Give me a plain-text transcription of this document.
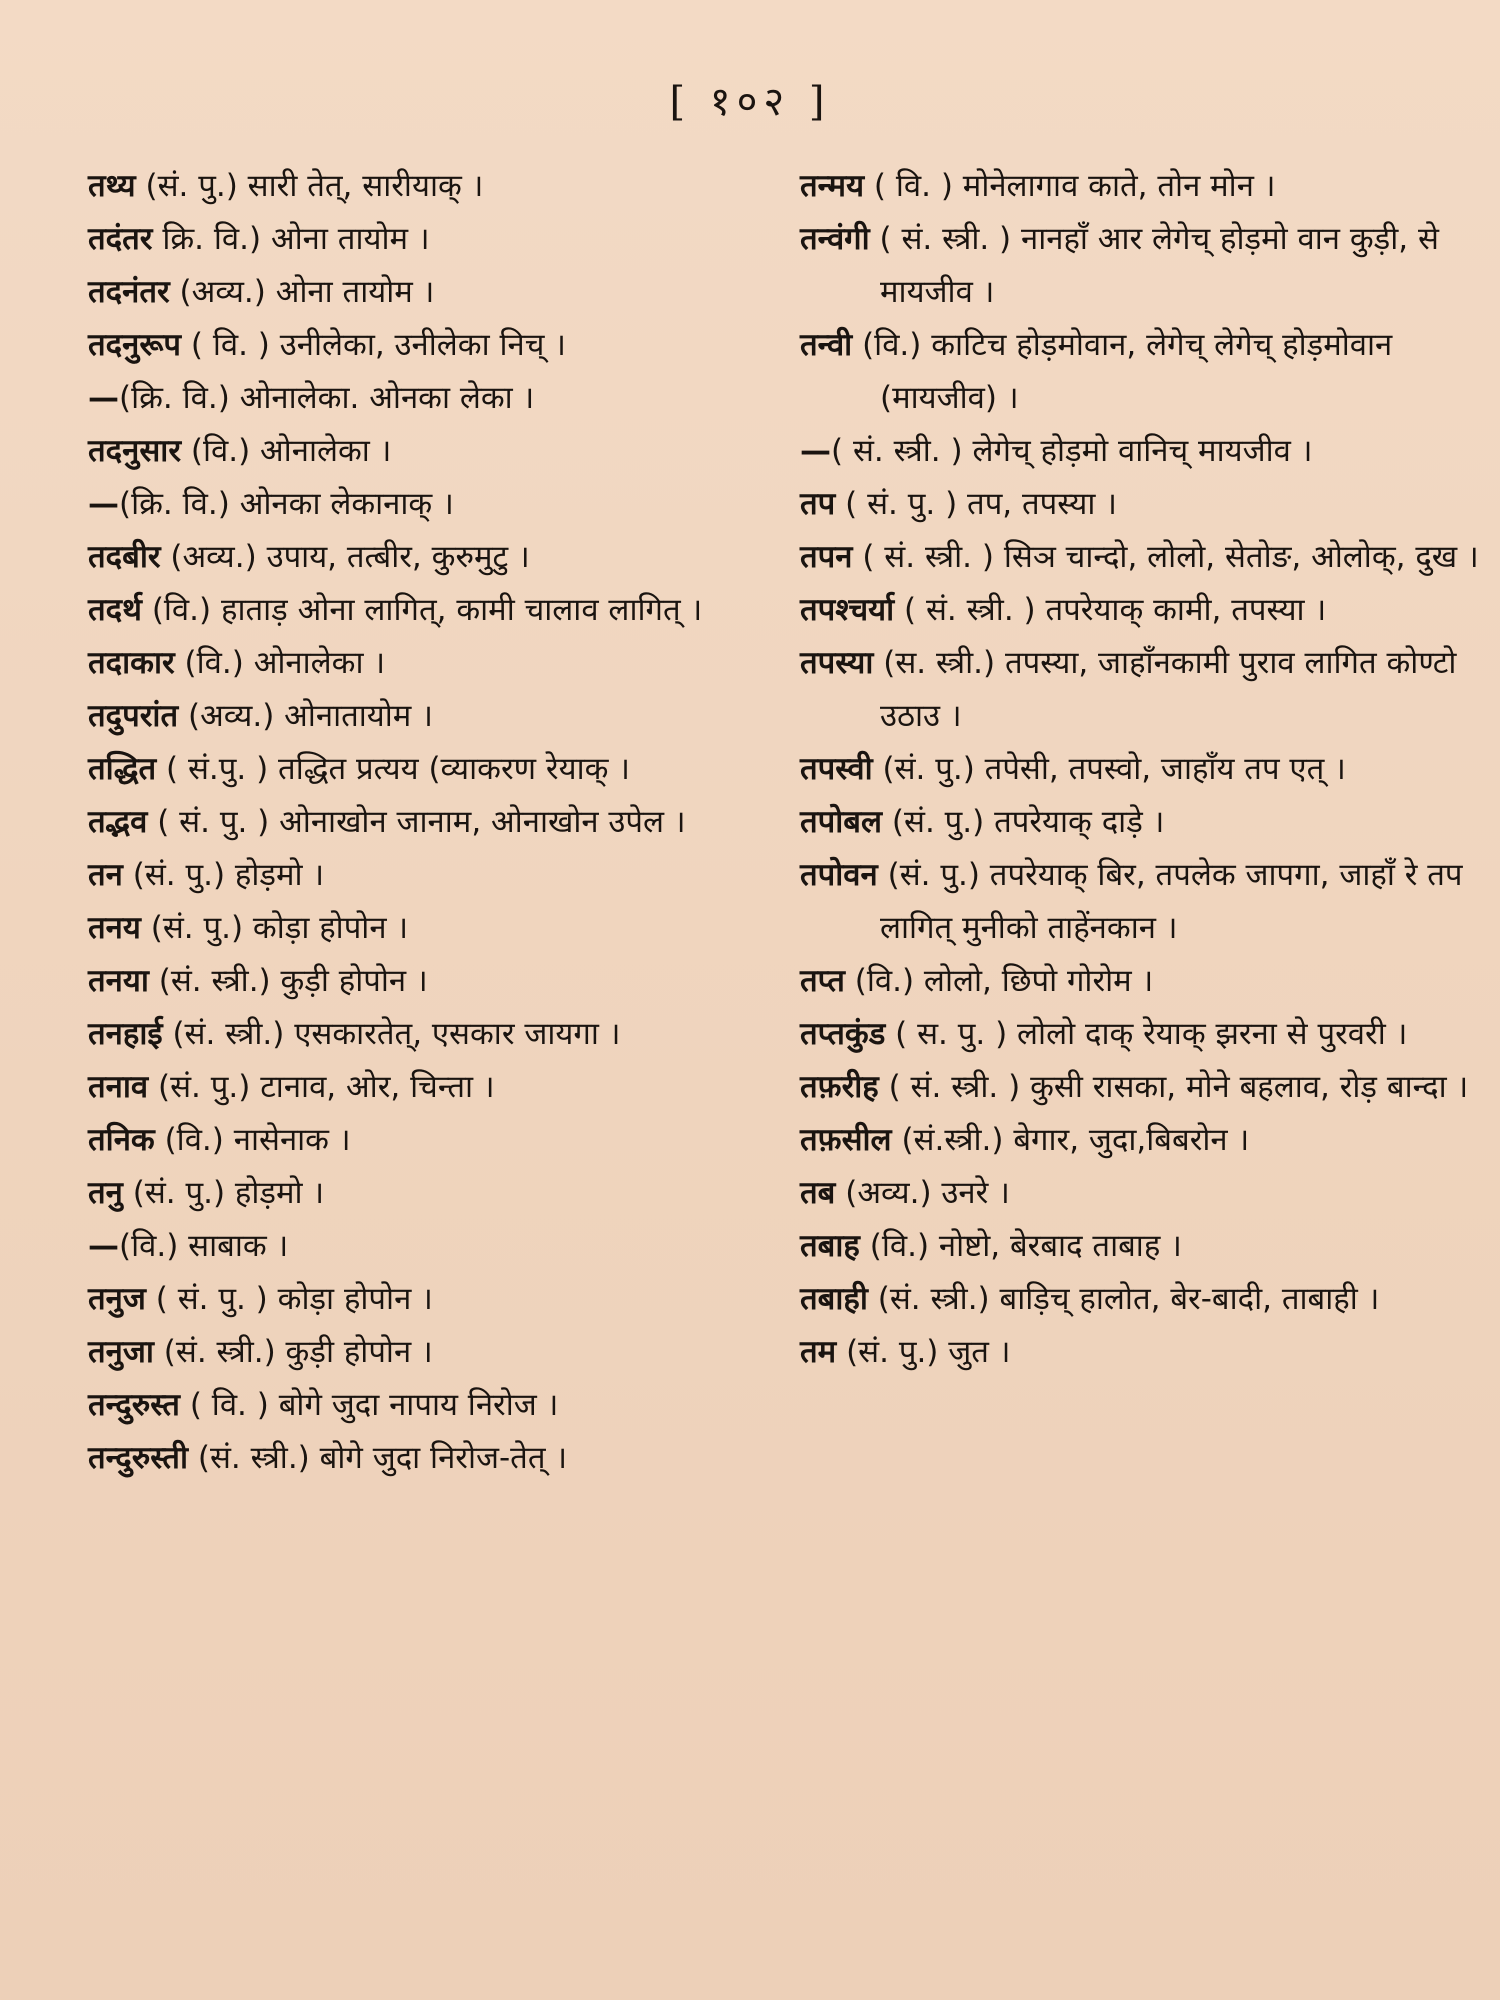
[ १०२ ]
तथ्य (सं. पु.) सारी तेत्, सारीयाक् ।
तदंतर क्रि. वि.) ओना तायोम ।
तदनंतर (अव्य.) ओना तायोम ।
तदनुरूप ( वि. ) उनीलेका, उनीलेका निच् ।
—(क्रि. वि.) ओनालेका. ओनका लेका ।
तदनुसार (वि.) ओनालेका ।
—(क्रि. वि.) ओनका लेकानाक् ।
तदबीर (अव्य.) उपाय, तत्बीर, कुरुमुटु ।
तदर्थ (वि.) हाताड़ ओना लागित्, कामी चालाव लागित् ।
तदाकार (वि.) ओनालेका ।
तदुपरांत (अव्य.) ओनातायोम ।
तद्धित ( सं.पु. ) तद्धित प्रत्यय (व्याकरण रेयाक् ।
तद्भव ( सं. पु. ) ओनाखोन जानाम, ओनाखोन उपेल ।
तन (सं. पु.) होड़मो ।
तनय (सं. पु.) कोड़ा होपोन ।
तनया (सं. स्त्री.) कुड़ी होपोन ।
तनहाई (सं. स्त्री.) एसकारतेत्, एसकार जायगा ।
तनाव (सं. पु.) टानाव, ओर, चिन्ता ।
तनिक (वि.) नासेनाक ।
तनु (सं. पु.) होड़मो ।
—(वि.) साबाक ।
तनुज ( सं. पु. ) कोड़ा होपोन ।
तनुजा (सं. स्त्री.) कुड़ी होपोन ।
तन्दुरुस्त ( वि. ) बोगे जुदा नापाय निरोज ।
तन्दुरुस्ती (सं. स्त्री.) बोगे जुदा निरोज-तेत् ।
तन्मय ( वि. ) मोनेलागाव काते, तोन मोन ।
तन्वंगी ( सं. स्त्री. ) नानहाँ आर लेगेच् होड़मो वान कुड़ी, से मायजीव ।
तन्वी (वि.) काटिच होड़मोवान, लेगेच् लेगेच् होड़मोवान (मायजीव) ।
—( सं. स्त्री. ) लेगेच् होड़मो वानिच् मायजीव ।
तप ( सं. पु. ) तप, तपस्या ।
तपन ( सं. स्त्री. ) सिञ चान्दो, लोलो, सेतोङ, ओलोक्, दुख ।
तपश्चर्या ( सं. स्त्री. ) तपरेयाक् कामी, तपस्या ।
तपस्या (स. स्त्री.) तपस्या, जाहाँनकामी पुराव लागित कोण्टो उठाउ ।
तपस्वी (सं. पु.) तपेसी, तपस्वो, जाहाँय तप एत् ।
तपोबल (सं. पु.) तपरेयाक् दाड़े ।
तपोवन (सं. पु.) तपरेयाक् बिर, तपलेक जापगा, जाहाँ रे तप लागित् मुनीको ताहेंनकान ।
तप्त (वि.) लोलो, छिपो गोरोम ।
तप्तकुंड ( स. पु. ) लोलो दाक् रेयाक् झरना से पुरवरी ।
तफ़रीह ( सं. स्त्री. ) कुसी रासका, मोने बहलाव, रोड़ बान्दा ।
तफ़सील (सं.स्त्री.) बेगार, जुदा,बिबरोन ।
तब (अव्य.) उनरे ।
तबाह (वि.) नोष्टो, बेरबाद ताबाह ।
तबाही (सं. स्त्री.) बाड़िच् हालोत, बेर-बादी, ताबाही ।
तम (सं. पु.) जुत ।
